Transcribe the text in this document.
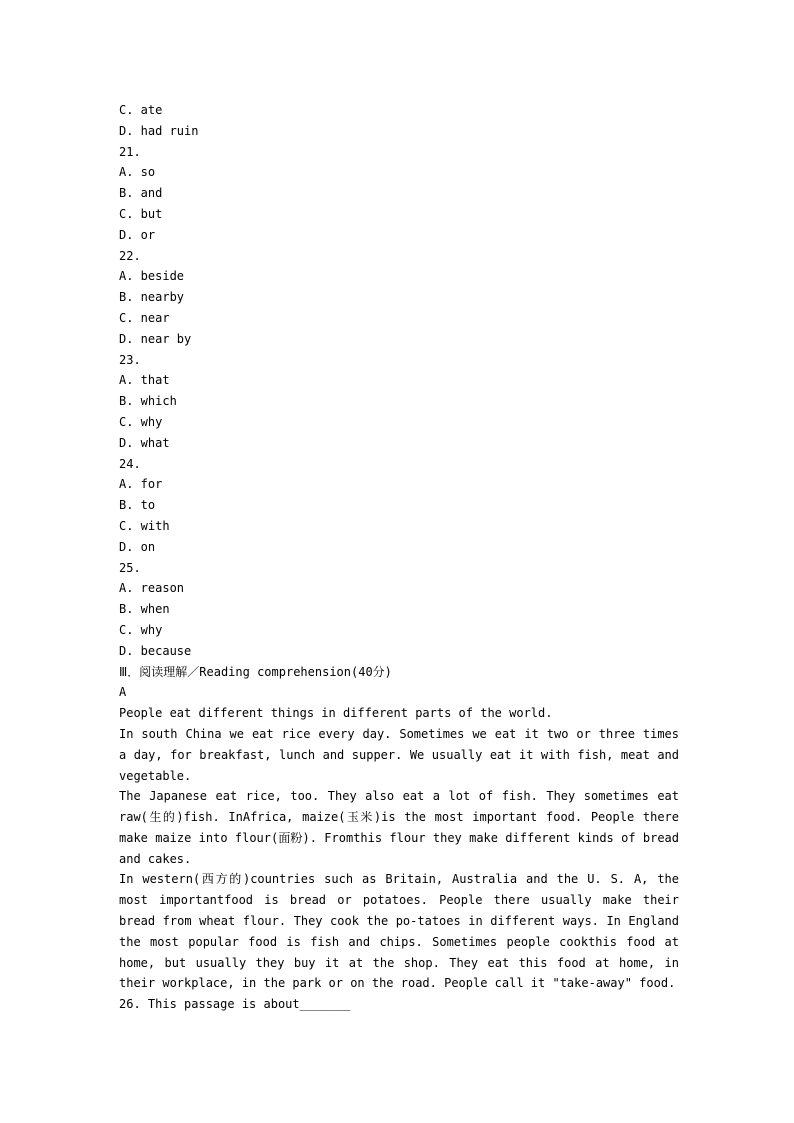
C. ate
D. had ruin
21.
A. so
B. and
C. but
D. or
22.
A. beside
B. nearby
C. near
D. near by
23.
A. that
B. which
C. why
D. what
24.
A. for
B. to
C. with
D. on
25.
A. reason
B. when
C. why
D. because
Ⅲ．阅读理解／Reading comprehension(40分)
A
People eat different things in different parts of the world.
In south China we eat rice every day. Sometimes we eat it two or three times a day, for breakfast, lunch and supper. We usually eat it with fish, meat and vegetable.
The Japanese eat rice, too. They also eat a lot of fish. They sometimes eat raw(生的)fish. InAfrica, maize(玉米)is the most important food. People there make maize into flour(面粉). Fromthis flour they make different kinds of bread and cakes.
In western(西方的)countries such as Britain, Australia and the U. S. A, the most importantfood is bread or potatoes. People there usually make their bread from wheat flour. They cook the po-tatoes in different ways. In England the most popular food is fish and chips. Sometimes people cookthis food at home, but usually they buy it at the shop. They eat this food at home, in their workplace, in the park or on the road. People call it "take-away" food.
26. This passage is about_______
